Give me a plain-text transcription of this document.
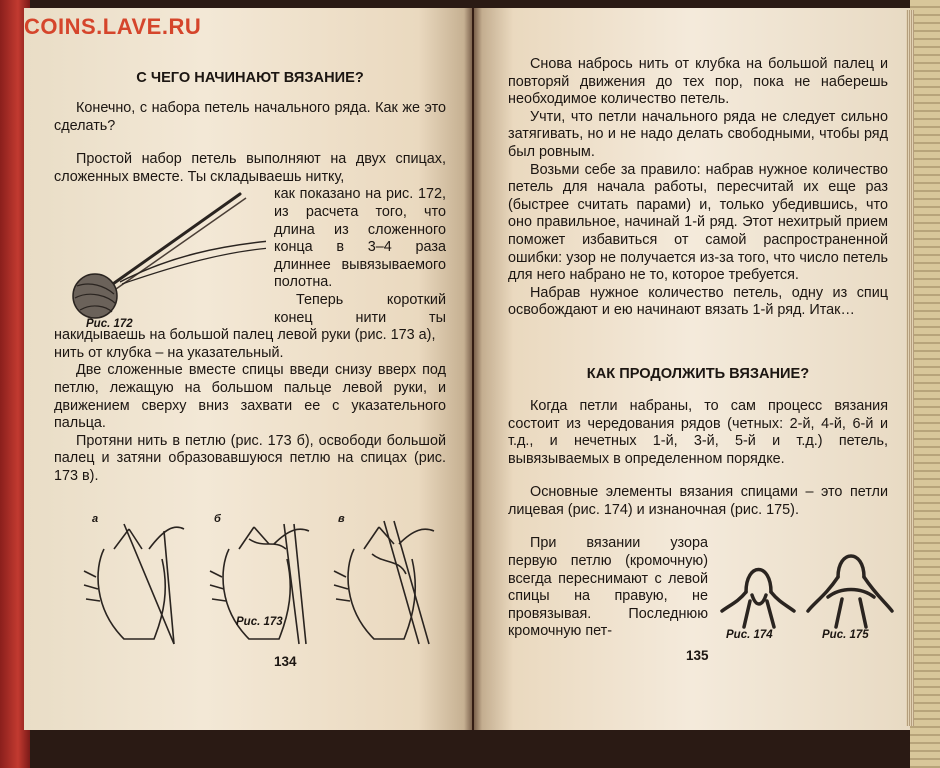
С ЧЕГО НАЧИНАЮТ ВЯЗАНИЕ?

Конечно, с набора петель начального ряда. Как же это сделать?

Простой набор петель выполняют на двух спицах, сложенных вместе. Ты складываешь нитку,

Рис. 172

как показано на рис. 172, из расчета того, что длина из сложенного конца в 3–4 раза длиннее вывязываемого полотна.

Теперь короткий конец нити ты накидываешь на большой палец левой руки (рис. 173 а),

нить от клубка – на указательный.

Две сложенные вместе спицы введи снизу вверх под петлю, лежащую на большом пальце левой руки, и движением сверху вниз захвати ее с указательного пальца.

Протяни нить в петлю (рис. 173 б), освободи большой палец и затяни образовавшуюся петлю на спицах (рис. 173 в).

а	б	в
Рис. 173
134

Снова набрось нить от клубка на большой палец и повторяй движения до тех пор, пока не наберешь необходимое количество петель.

Учти, что петли начального ряда не следует сильно затягивать, но и не надо делать свободными, чтобы ряд был ровным.

Возьми себе за правило: набрав нужное количество петель для начала работы, пересчитай их еще раз (быстрее считать парами) и, только убедившись, что оно правильное, начинай 1-й ряд. Этот нехитрый прием поможет избавиться от самой распространенной ошибки: узор не получается из-за того, что число петель для него набрано не то, которое требуется.

Набрав нужное количество петель, одну из спиц освобождают и ею начинают вязать 1-й ряд. Итак…

КАК ПРОДОЛЖИТЬ ВЯЗАНИЕ?

Когда петли набраны, то сам процесс вязания состоит из чередования рядов (четных: 2-й, 4-й, 6-й и т.д., и нечетных 1-й, 3-й, 5-й и т.д.) петель, вывязываемых в определенном порядке.

Основные элементы вязания спицами – это петли лицевая (рис. 174) и изнаночная (рис. 175).

Рис. 174	Рис. 175

При вязании узора первую петлю (кромочную) всегда переснимают с левой спицы на правую, не провязывая. Последнюю кромочную пет-

135
COINS.LAVE.RU
